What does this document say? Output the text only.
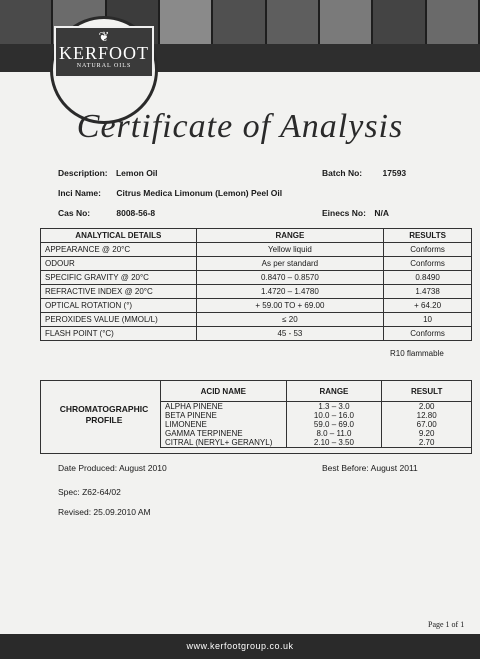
❦
KERFOOT
NATURAL OILS
Certificate of Analysis
Description: Lemon Oil	Batch No: 17593
Inci Name: Citrus Medica Limonum (Lemon) Peel Oil
Cas No:	8008-56-8	Einecs No: N/A
ANALYTICAL DETAILS	RANGE	RESULTS
APPEARANCE @ 20°C	Yellow liquid	Conforms
ODOUR	As per standard	Conforms
SPECIFIC GRAVITY @ 20°C	0.8470 – 0.8570	0.8490
REFRACTIVE INDEX @ 20°C	1.4720 – 1.4780	1.4738
OPTICAL ROTATION (°)	+ 59.00 TO + 69.00	+ 64.20
PEROXIDES VALUE (MMOL/L)	≤ 20	10
FLASH POINT (°C)	45 - 53	Conforms
R10 flammable
CHROMATOGRAPHIC
PROFILE
ACID NAME	RANGE	RESULT
ALPHA PINENE	1.3 – 3.0	2.00
BETA PINENE	10.0 – 16.0	12.80
LIMONENE	59.0 – 69.0	67.00
GAMMA TERPINENE	8.0 – 11.0	9.20
CITRAL (NERYL+ GERANYL)	2.10 – 3.50	2.70
Date Produced: August 2010	Best Before: August 2011
Spec: Z62-64/02
Revised: 25.09.2010 AM
Page 1 of 1
www.kerfootgroup.co.uk
